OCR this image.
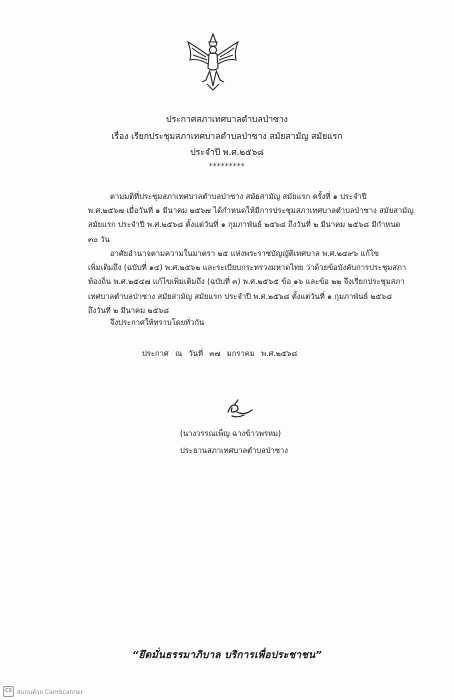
ประกาศสภาเทศบาลตำบลป่าซาง
เรื่อง เรียกประชุมสภาเทศบาลตำบลป่าซาง สมัยสามัญ สมัยแรก
ประจำปี พ.ศ.๒๕๖๘
*********
ตามมติที่ประชุมสภาเทศบาลตำบลป่าซาง สมัยสามัญ สมัยแรก ครั้งที่ ๑ ประจำปี
พ.ศ.๒๕๖๗ เมื่อวันที่ ๑ มีนาคม ๒๕๖๗ ได้กำหนดให้มีการประชุมสภาเทศบาลตำบลป่าซาง สมัยสามัญ
สมัยแรก ประจำปี พ.ศ.๒๕๖๘ ตั้งแต่วันที่ ๑ กุมภาพันธ์ ๒๕๖๘ ถึงวันที่ ๒ มีนาคม ๒๕๖๘ มีกำหนด
๓๐ วัน
อาศัยอำนาจตามความในมาตรา ๒๕ แห่งพระราชบัญญัติเทศบาล พ.ศ.๒๔๙๖ แก้ไข
เพิ่มเติมถึง (ฉบับที่ ๑๔) พ.ศ.๒๕๖๒ และระเบียบกระทรวงมหาดไทย ว่าด้วยข้อบังคับการประชุมสภา
ท้องถิ่น พ.ศ.๒๕๔๗ แก้ไขเพิ่มเติมถึง (ฉบับที่ ๓) พ.ศ.๒๕๖๕ ข้อ ๑๖ และข้อ ๒๒ จึงเรียกประชุมสภา
เทศบาลตำบลป่าซาง สมัยสามัญ สมัยแรก ประจำปี พ.ศ.๒๕๖๘ ตั้งแต่วันที่ ๑ กุมภาพันธ์ ๒๕๖๘
ถึงวันที่ ๒ มีนาคม ๒๕๖๘
จึงประกาศให้ทราบโดยทั่วกัน
ประกาศ ณ วันที่ ๓๗ มกราคม พ.ศ.๒๕๖๘
(นางวรรณเพ็ญ ฉางข้าวพรหม)
ประธานสภาเทศบาลตำบลป่าซาง
“ยึดมั่นธรรมาภิบาล บริการเพื่อประชาชน”
CS สแกนด้วย CamScanner
